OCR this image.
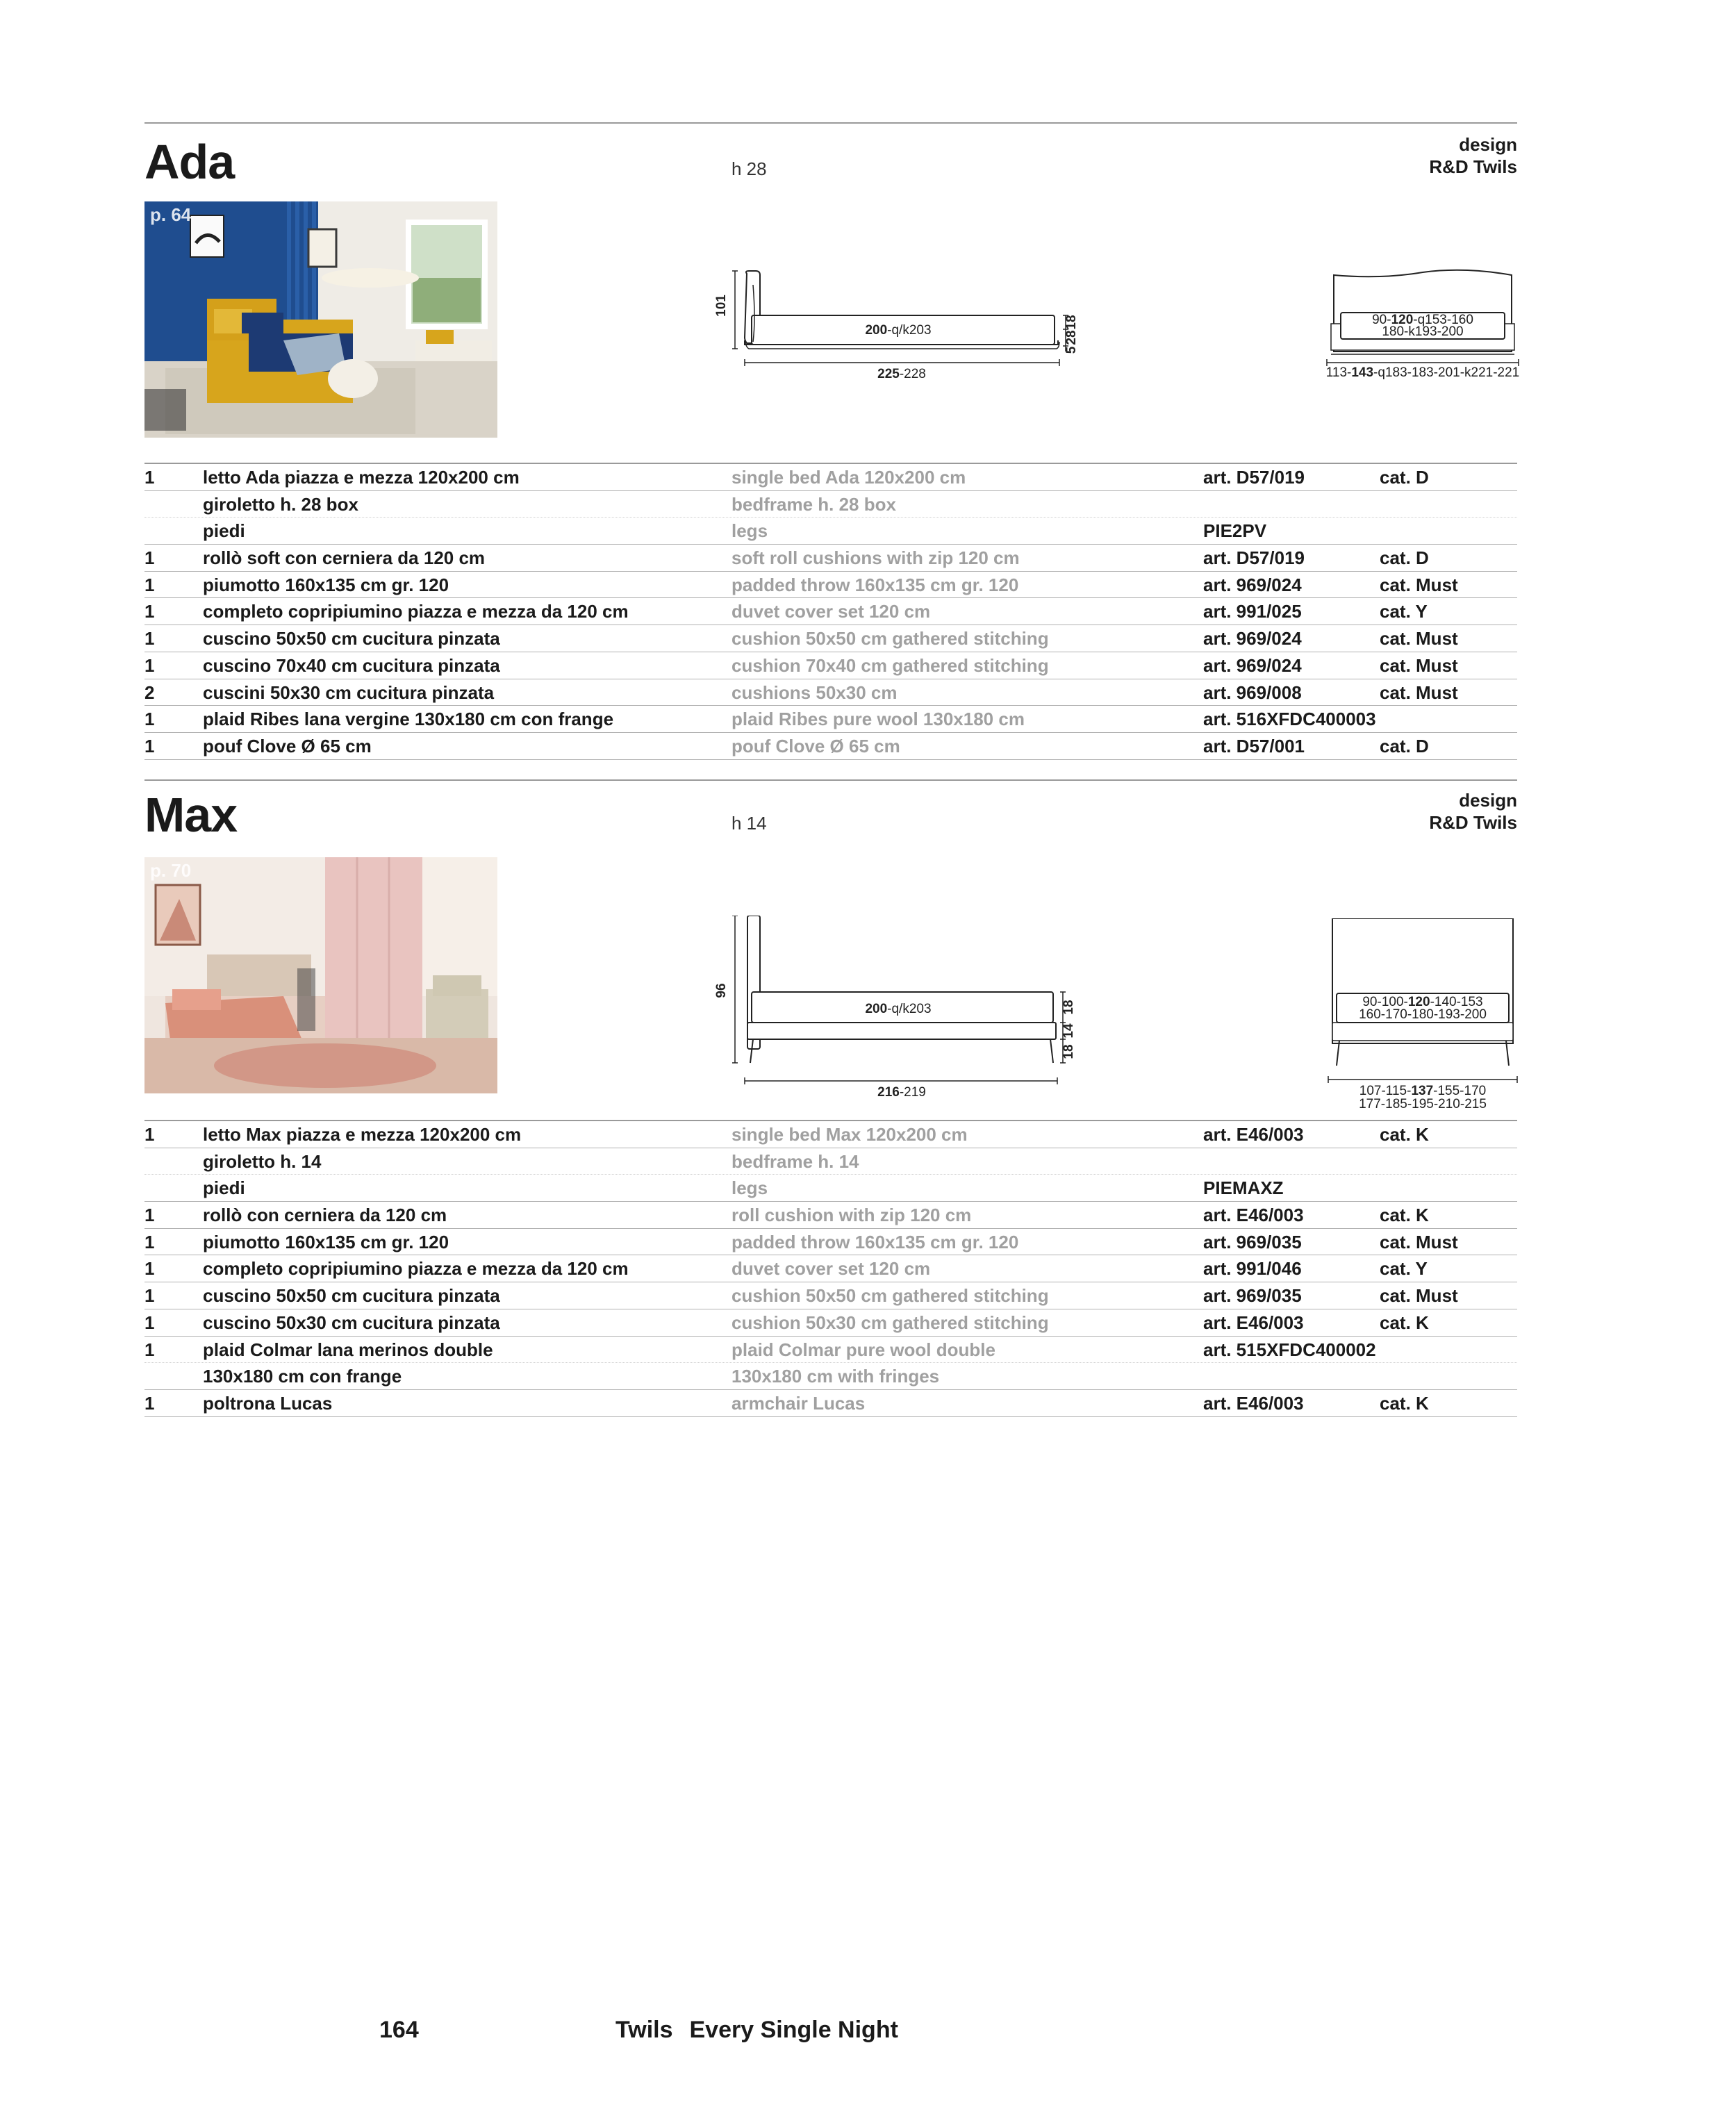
Ada	h 28
design
R&D Twils
p. 64
101
18
28
5
200-q/k203
225-228
90-120-q153-160
180-k193-200
113-143-q183-183-201-k221-221
1	letto Ada piazza e mezza 120x200 cm	single bed Ada 120x200 cm	art. D57/019	cat. D
giroletto h. 28 box	bedframe h. 28 box
piedi	legs	PIE2PV
1	rollò soft con cerniera da 120 cm	soft roll cushions with zip 120 cm	art. D57/019	cat. D
1	piumotto 160x135 cm gr. 120	padded throw 160x135 cm gr. 120	art. 969/024	cat. Must
1	completo copripiumino piazza e mezza da 120 cm	duvet cover set 120 cm	art. 991/025	cat. Y
1	cuscino 50x50 cm cucitura pinzata	cushion 50x50 cm gathered stitching	art. 969/024	cat. Must
1	cuscino 70x40 cm cucitura pinzata	cushion 70x40 cm gathered stitching	art. 969/024	cat. Must
2	cuscini 50x30 cm cucitura pinzata	cushions 50x30 cm	art. 969/008	cat. Must
1	plaid Ribes lana vergine 130x180 cm con frange	plaid Ribes pure wool 130x180 cm	art. 516XFDC400003
1	pouf Clove Ø 65 cm	pouf Clove Ø 65 cm	art. D57/001	cat. D
Max	h 14
design
R&D Twils
p. 70
96
18
14
18
200-q/k203
216-219
90-100-120-140-153
160-170-180-193-200
107-115-137-155-170
177-185-195-210-215
1	letto Max piazza e mezza 120x200 cm	single bed Max 120x200 cm	art. E46/003	cat. K
giroletto h. 14	bedframe h. 14
piedi	legs	PIEMAXZ
1	rollò con cerniera da 120 cm	roll cushion with zip 120 cm	art. E46/003	cat. K
1	piumotto 160x135 cm gr. 120	padded throw 160x135 cm gr. 120	art. 969/035	cat. Must
1	completo copripiumino piazza e mezza da 120 cm	duvet cover set 120 cm	art. 991/046	cat. Y
1	cuscino 50x50 cm cucitura pinzata	cushion 50x50 cm gathered stitching	art. 969/035	cat. Must
1	cuscino 50x30 cm cucitura pinzata	cushion 50x30 cm gathered stitching	art. E46/003	cat. K
1	plaid Colmar lana merinos double	plaid Colmar pure wool double	art. 515XFDC400002
130x180 cm con frange	130x180 cm with fringes
1	poltrona Lucas	armchair Lucas	art. E46/003	cat. K
164	Twils Every Single Night
